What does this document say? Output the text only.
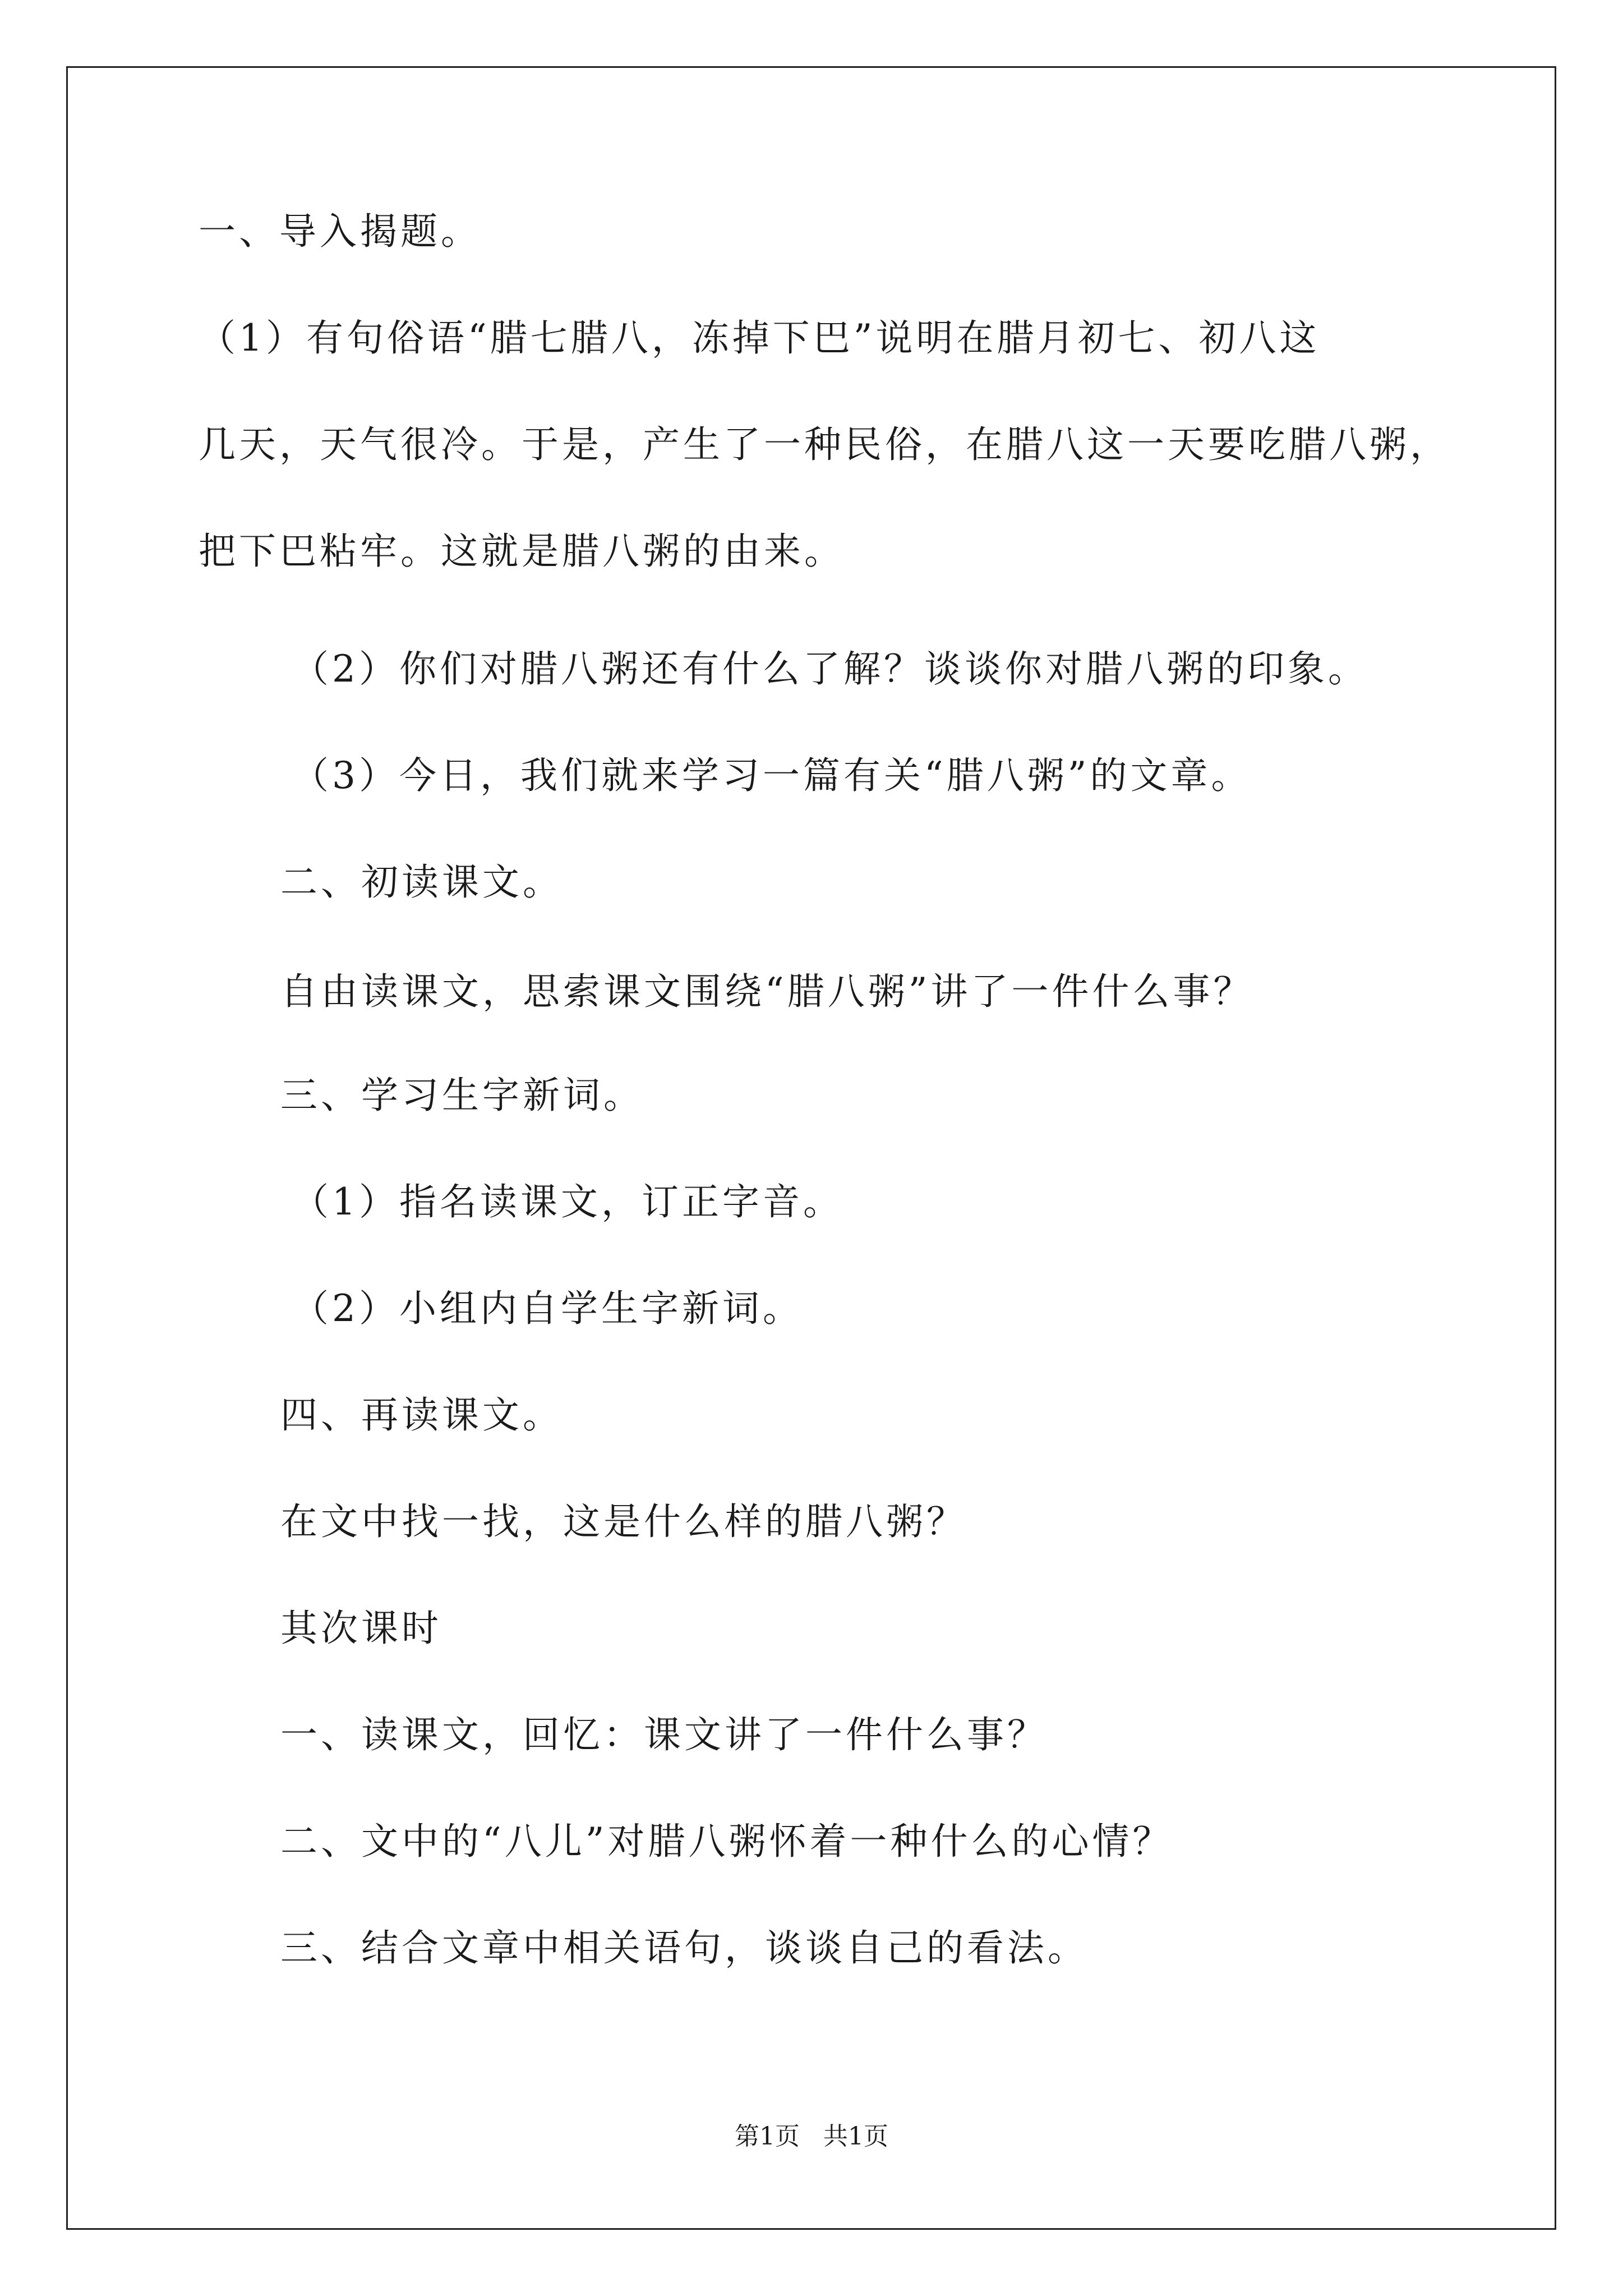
一、导入揭题。
（1）有句俗语“腊七腊八，冻掉下巴”说明在腊月初七、初八这
几天，天气很冷。于是，产生了一种民俗，在腊八这一天要吃腊八粥，
把下巴粘牢。这就是腊八粥的由来。
（2）你们对腊八粥还有什么了解？谈谈你对腊八粥的印象。
（3）今日，我们就来学习一篇有关“腊八粥”的文章。
二、初读课文。
自由读课文，思索课文围绕“腊八粥”讲了一件什么事？
三、学习生字新词。
（1）指名读课文，订正字音。
（2）小组内自学生字新词。
四、再读课文。
在文中找一找，这是什么样的腊八粥？
其次课时
一、读课文，回忆：课文讲了一件什么事？
二、文中的“八儿”对腊八粥怀着一种什么的心情？
三、结合文章中相关语句，谈谈自己的看法。
第1页 共1页
